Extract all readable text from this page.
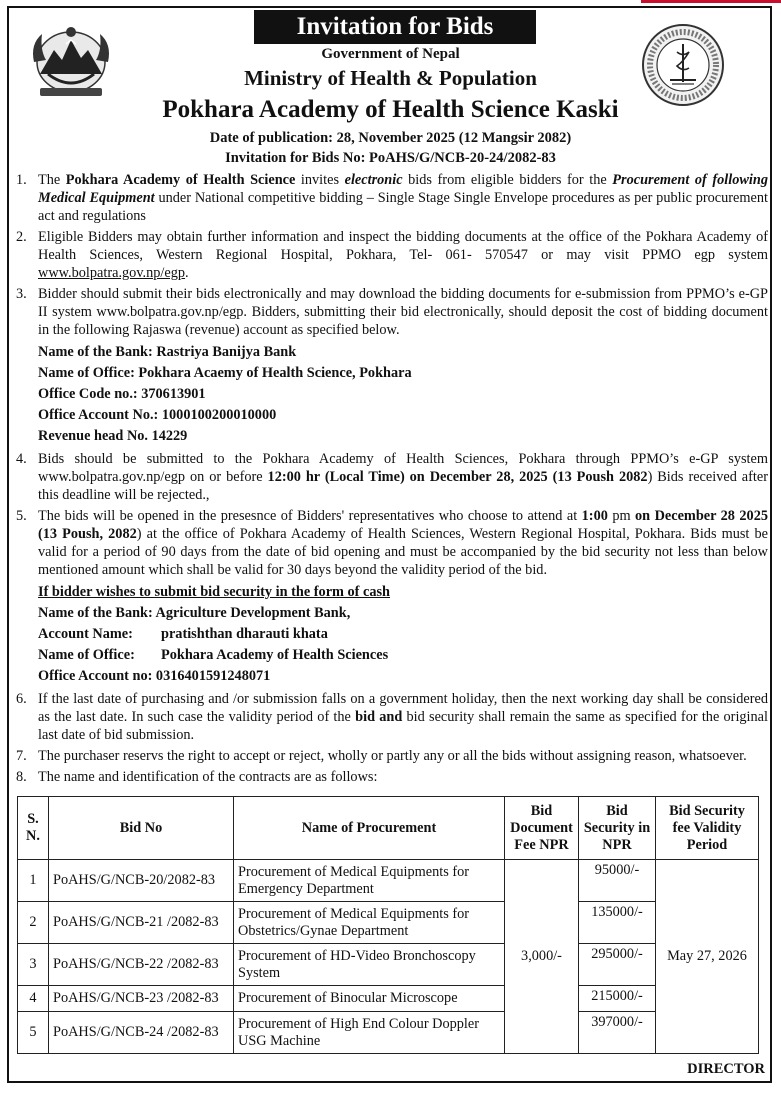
Invitation for Bids
Government of Nepal
Ministry of Health & Population
Pokhara Academy of Health Science Kaski
Date of publication: 28, November 2025 (12 Mangsir 2082)
Invitation for Bids No: PoAHS/G/NCB-20-24/2082-83

1. The Pokhara Academy of Health Science invites electronic bids from eligible bidders for the Procurement of following Medical Equipment under National competitive bidding – Single Stage Single Envelope procedures as per public procurement act and regulations

2. Eligible Bidders may obtain further information and inspect the bidding documents at the office of the Pokhara Academy of Health Sciences, Western Regional Hospital, Pokhara, Tel- 061- 570547 or may visit PPMO egp system www.bolpatra.gov.np/egp.

3. Bidder should submit their bids electronically and may download the bidding documents for e-submission from PPMO’s e-GP II system www.bolpatra.gov.np/egp. Bidders, submitting their bid electronically, should deposit the cost of bidding document in the following Rajaswa (revenue) account as specified below.

Name of the Bank: Rastriya Banijya Bank

Name of Office: Pokhara Acaemy of Health Science, Pokhara

Office Code no.: 370613901

Office Account No.: 1000100200010000

Revenue head No. 14229

4. Bids should be submitted to the Pokhara Academy of Health Sciences, Pokhara through PPMO’s e-GP system www.bolpatra.gov.np/egp on or before 12:00 hr (Local Time) on December 28, 2025 (13 Poush 2082) Bids received after this deadline will be rejected.,

5. The bids will be opened in the presesnce of Bidders' representatives who choose to attend at 1:00 pm on December 28 2025 (13 Poush, 2082) at the office of Pokhara Academy of Health Sciences, Western Regional Hospital, Pokhara. Bids must be valid for a period of 90 days from the date of bid opening and must be accompanied by the bid security not less than below mentioned amount which shall be valid for 30 days beyond the validity period of the bid.

If bidder wishes to submit bid security in the form of cash

Name of the Bank: Agriculture Development Bank,

Account Name: pratishthan dharauti khata

Name of Office: Pokhara Academy of Health Sciences

Office Account no: 0316401591248071

6. If the last date of purchasing and /or submission falls on a government holiday, then the next working day shall be considered as the last date. In such case the validity period of the bid and bid security shall remain the same as specified for the original last date of bid submission.

7. The purchaser reservs the right to accept or reject, wholly or partly any or all the bids without assigning reason, whatsoever.

8. The name and identification of the contracts are as follows:

S. N.	Bid No	Name of Procurement	Bid Document Fee NPR	Bid Security in NPR	Bid Security fee Validity Period
1	PoAHS/G/NCB-20/2082-83	Procurement of Medical Equipments for Emergency Department	3,000/-	95000/-	May 27, 2026
2	PoAHS/G/NCB-21 /2082-83	Procurement of Medical Equipments for Obstetrics/Gynae Department		135000/-	
3	PoAHS/G/NCB-22 /2082-83	Procurement of HD-Video Bronchoscopy System		295000/-	
4	PoAHS/G/NCB-23 /2082-83	Procurement of Binocular Microscope		215000/-	
5	PoAHS/G/NCB-24 /2082-83	Procurement of High End Colour Doppler USG Machine		397000/-	
DIRECTOR
